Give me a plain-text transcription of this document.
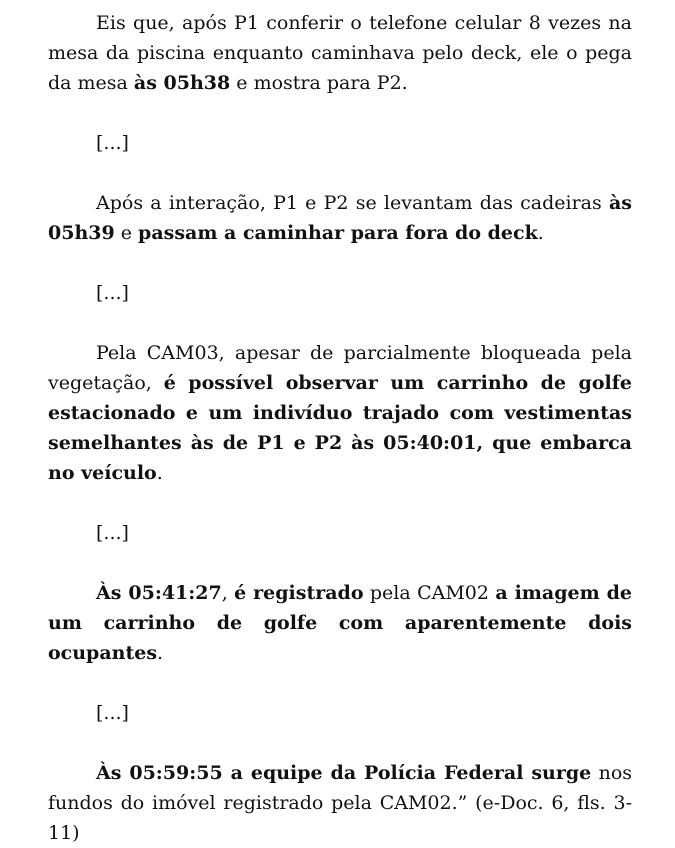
Eis que, após P1 conferir o telefone celular 8 vezes na mesa da piscina enquanto caminhava pelo deck, ele o pega da mesa às 05h38 e mostra para P2.

[...]

Após a interação, P1 e P2 se levantam das cadeiras às 05h39 e passam a caminhar para fora do deck.

[...]

Pela CAM03, apesar de parcialmente bloqueada pela vegetação, é possível observar um carrinho de golfe estacionado e um indivíduo trajado com vestimentas semelhantes às de P1 e P2 às 05:40:01, que embarca no veículo.

[...]

Às 05:41:27, é registrado pela CAM02 a imagem de um carrinho de golfe com aparentemente dois ocupantes.

[...]

Às 05:59:55 a equipe da Polícia Federal surge nos fundos do imóvel registrado pela CAM02.” (e-Doc. 6, fls. 3-11)
